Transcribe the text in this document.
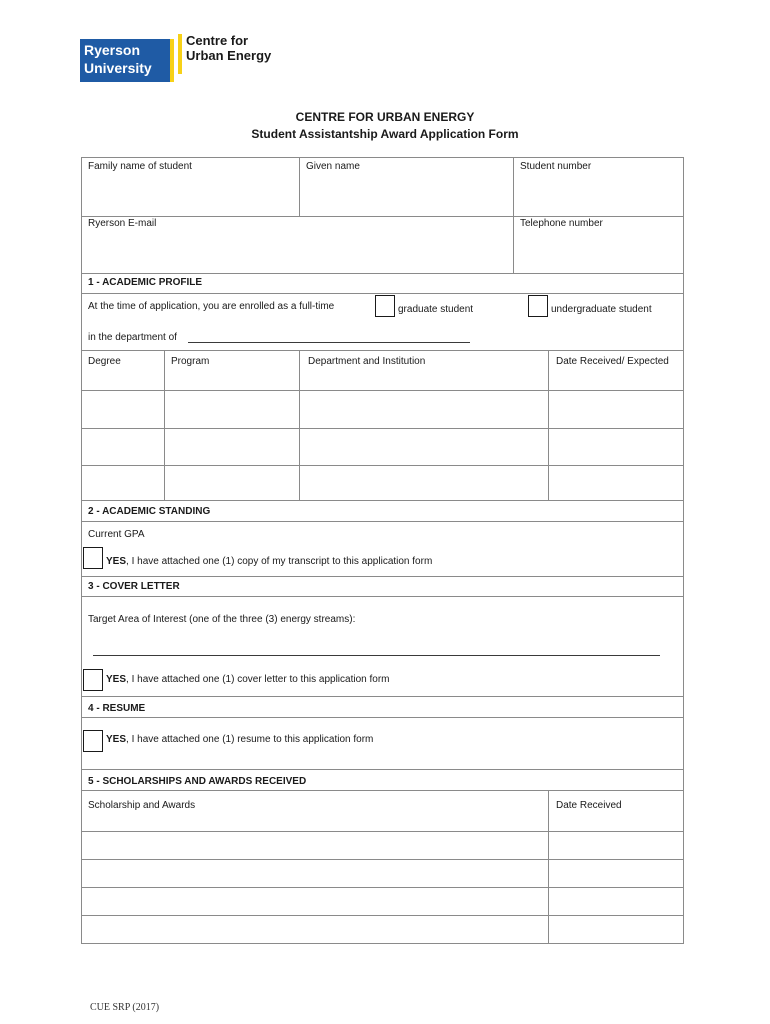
Ryerson
University
Centre for
Urban Energy
CENTRE FOR URBAN ENERGY
Student Assistantship Award Application Form
Family name of student	Given name	Student number
Ryerson E-mail	Telephone number
1 - ACADEMIC PROFILE
At the time of application, you are enrolled as a full-time	graduate student	undergraduate student
in the department of
Degree	Program	Department and Institution	Date Received/ Expected
2 - ACADEMIC STANDING
Current GPA
YES, I have attached one (1) copy of my transcript to this application form
3 - COVER LETTER
Target Area of Interest (one of the three (3) energy streams):
YES, I have attached one (1) cover letter to this application form
4 - RESUME
YES, I have attached one (1) resume to this application form
5 - SCHOLARSHIPS AND AWARDS RECEIVED
Scholarship and Awards	Date Received
CUE SRP (2017)
